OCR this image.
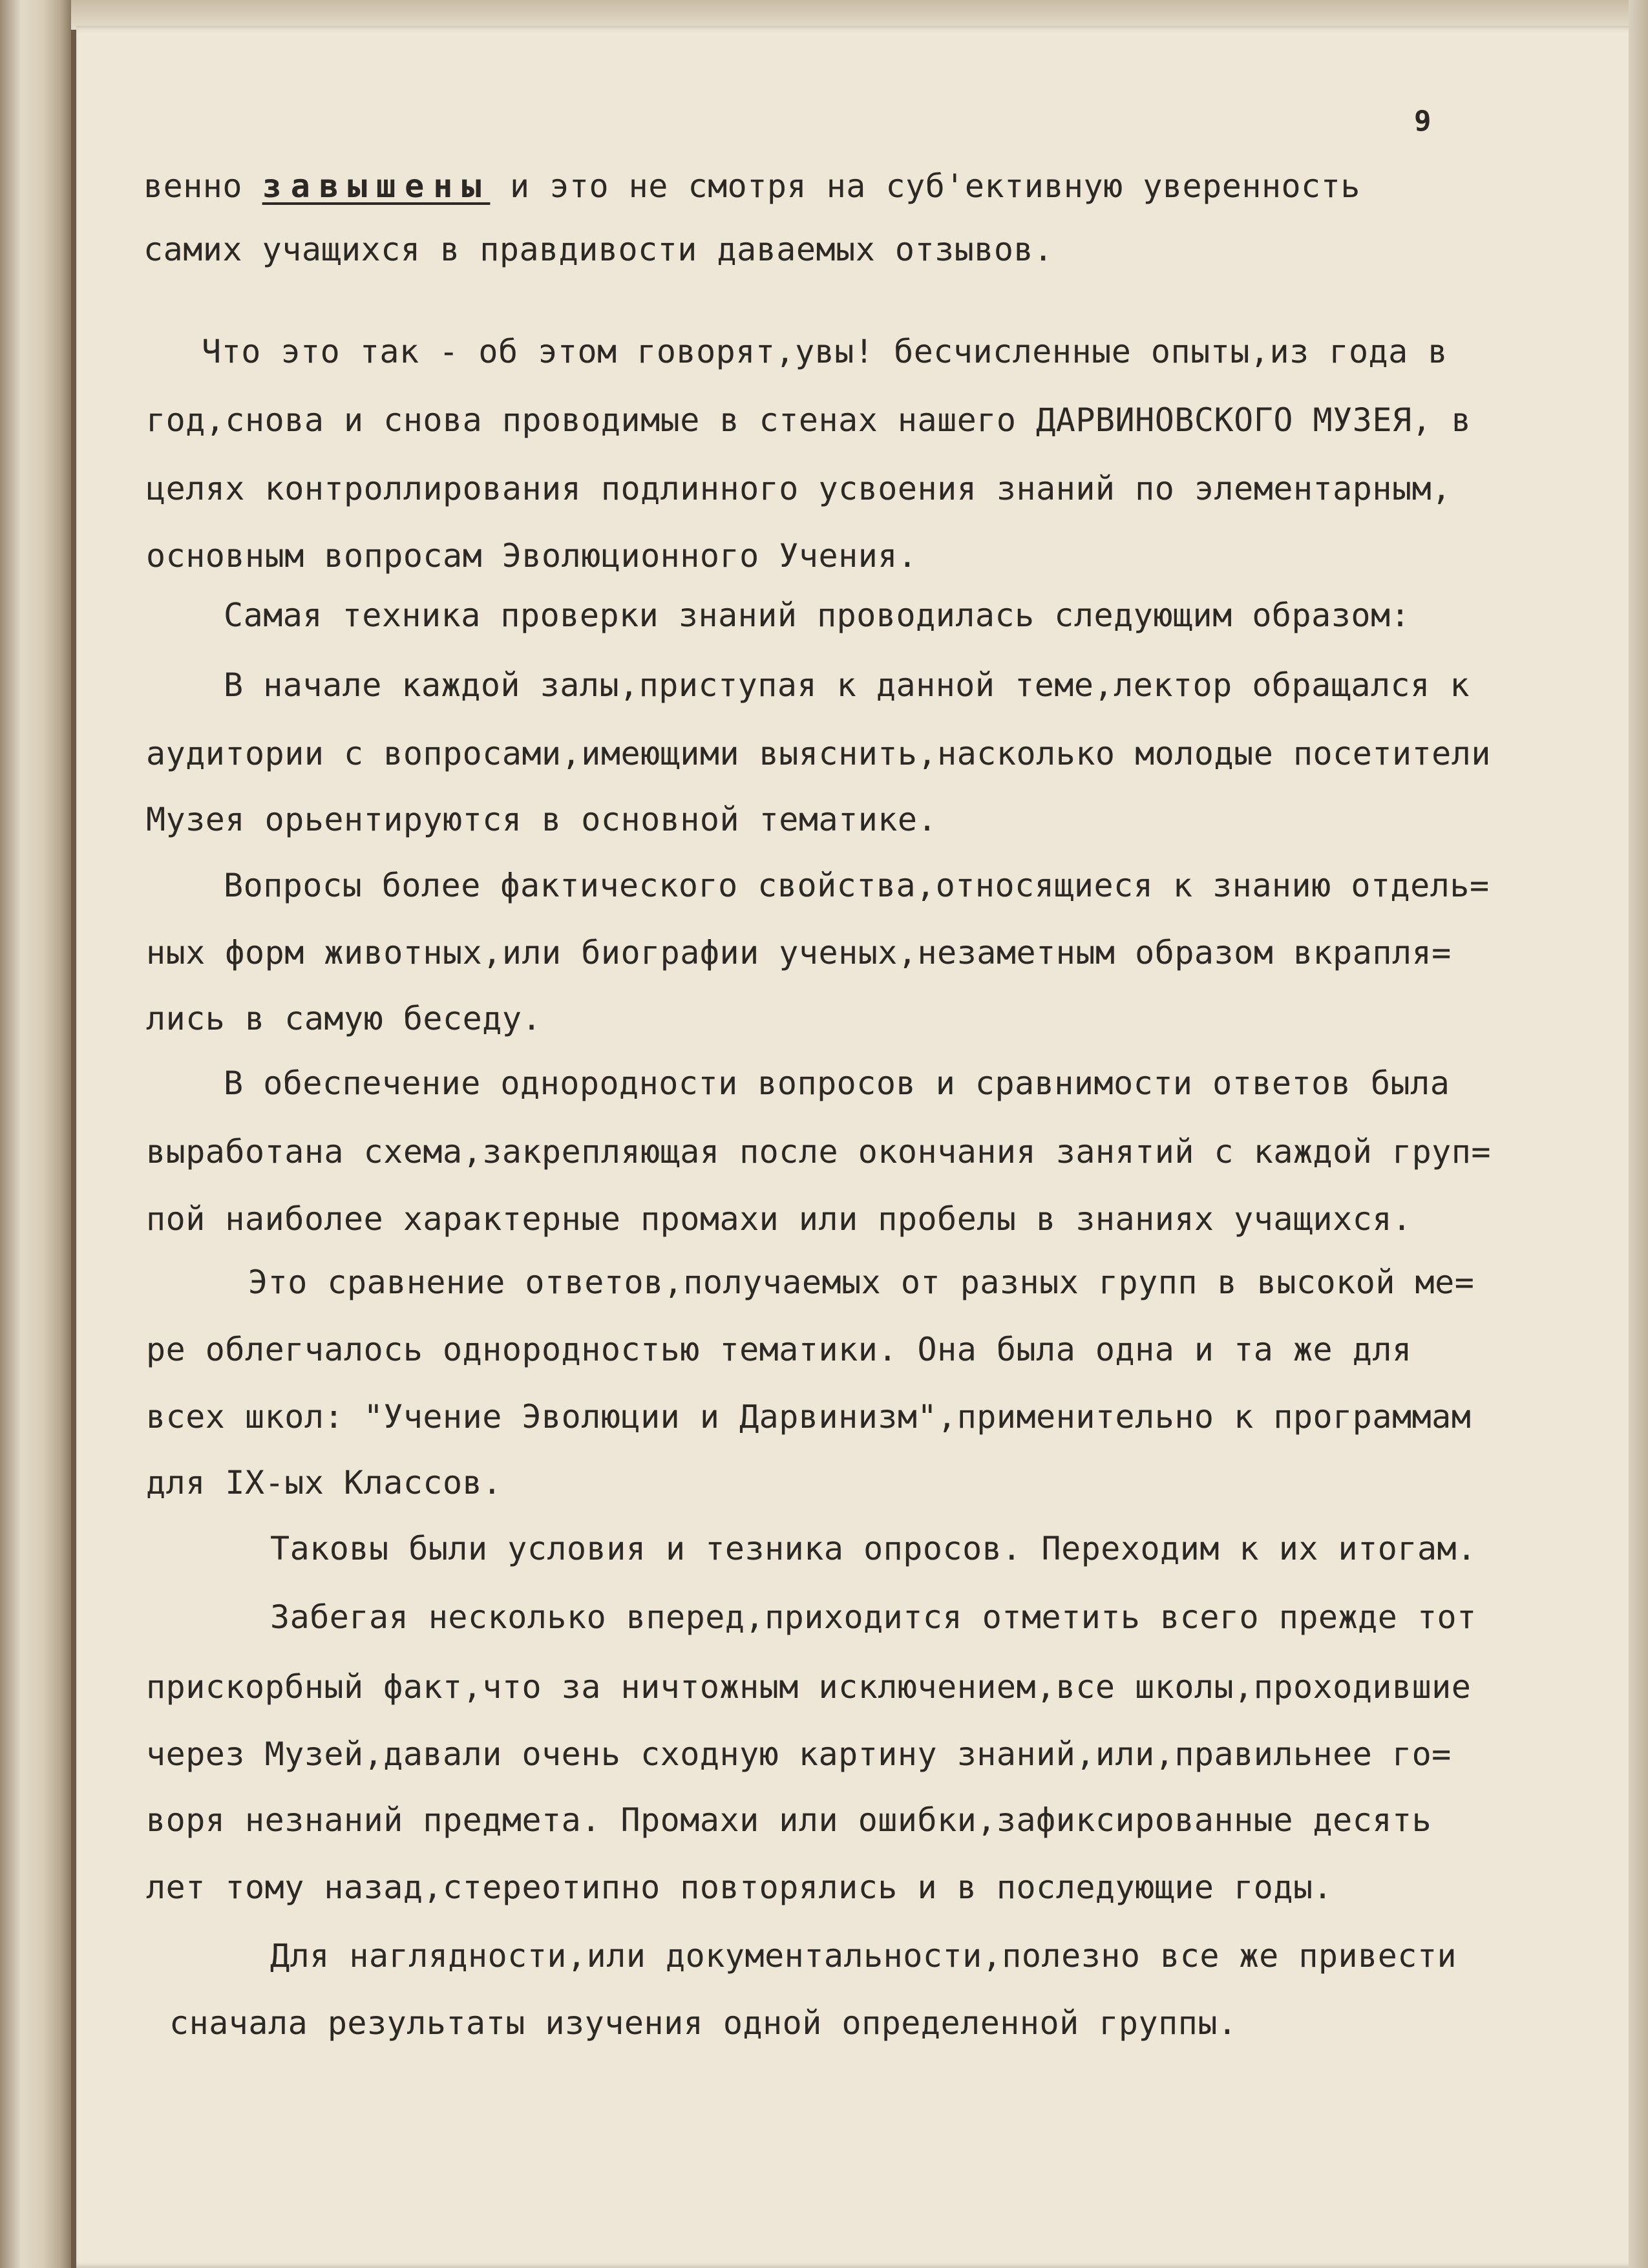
9
венно завышены и это не смотря на суб'ективную уверенность
самих учащихся в правдивости даваемых отзывов.
Что это так - об этом говорят,увы! бесчисленные опыты,из года в
год,снова и снова проводимые в стенах нашего ДАРВИНОВСКОГО МУЗЕЯ, в
целях контроллирования подлинного усвоения знаний по элементарным,
основным вопросам Эволюционного Учения.
Самая техника проверки знаний проводилась следующим образом:
В начале каждой залы,приступая к данной теме,лектор обращался к
аудитории с вопросами,имеющими выяснить,насколько молодые посетители
Музея орьентируются в основной тематике.
Вопросы более фактического свойства,относящиеся к знанию отдель=
ных форм животных,или биографии ученых,незаметным образом вкрапля=
лись в самую беседу.
В обеспечение однородности вопросов и сравнимости ответов была
выработана схема,закрепляющая после окончания занятий с каждой груп=
пой наиболее характерные промахи или пробелы в знаниях учащихся.
Это сравнение ответов,получаемых от разных групп в высокой ме=
ре облегчалось однородностью тематики. Она была одна и та же для
всех школ: "Учение Эволюции и Дарвинизм",применительно к программам
для IX-ых Классов.
Таковы были условия и тезника опросов. Переходим к их итогам.
Забегая несколько вперед,приходится отметить всего прежде тот
прискорбный факт,что за ничтожным исключением,все школы,проходившие
через Музей,давали очень сходную картину знаний,или,правильнее го=
воря незнаний предмета. Промахи или ошибки,зафиксированные десять
лет тому назад,стереотипно повторялись и в последующие годы.
Для наглядности,или документальности,полезно все же привести
сначала результаты изучения одной определенной группы.
